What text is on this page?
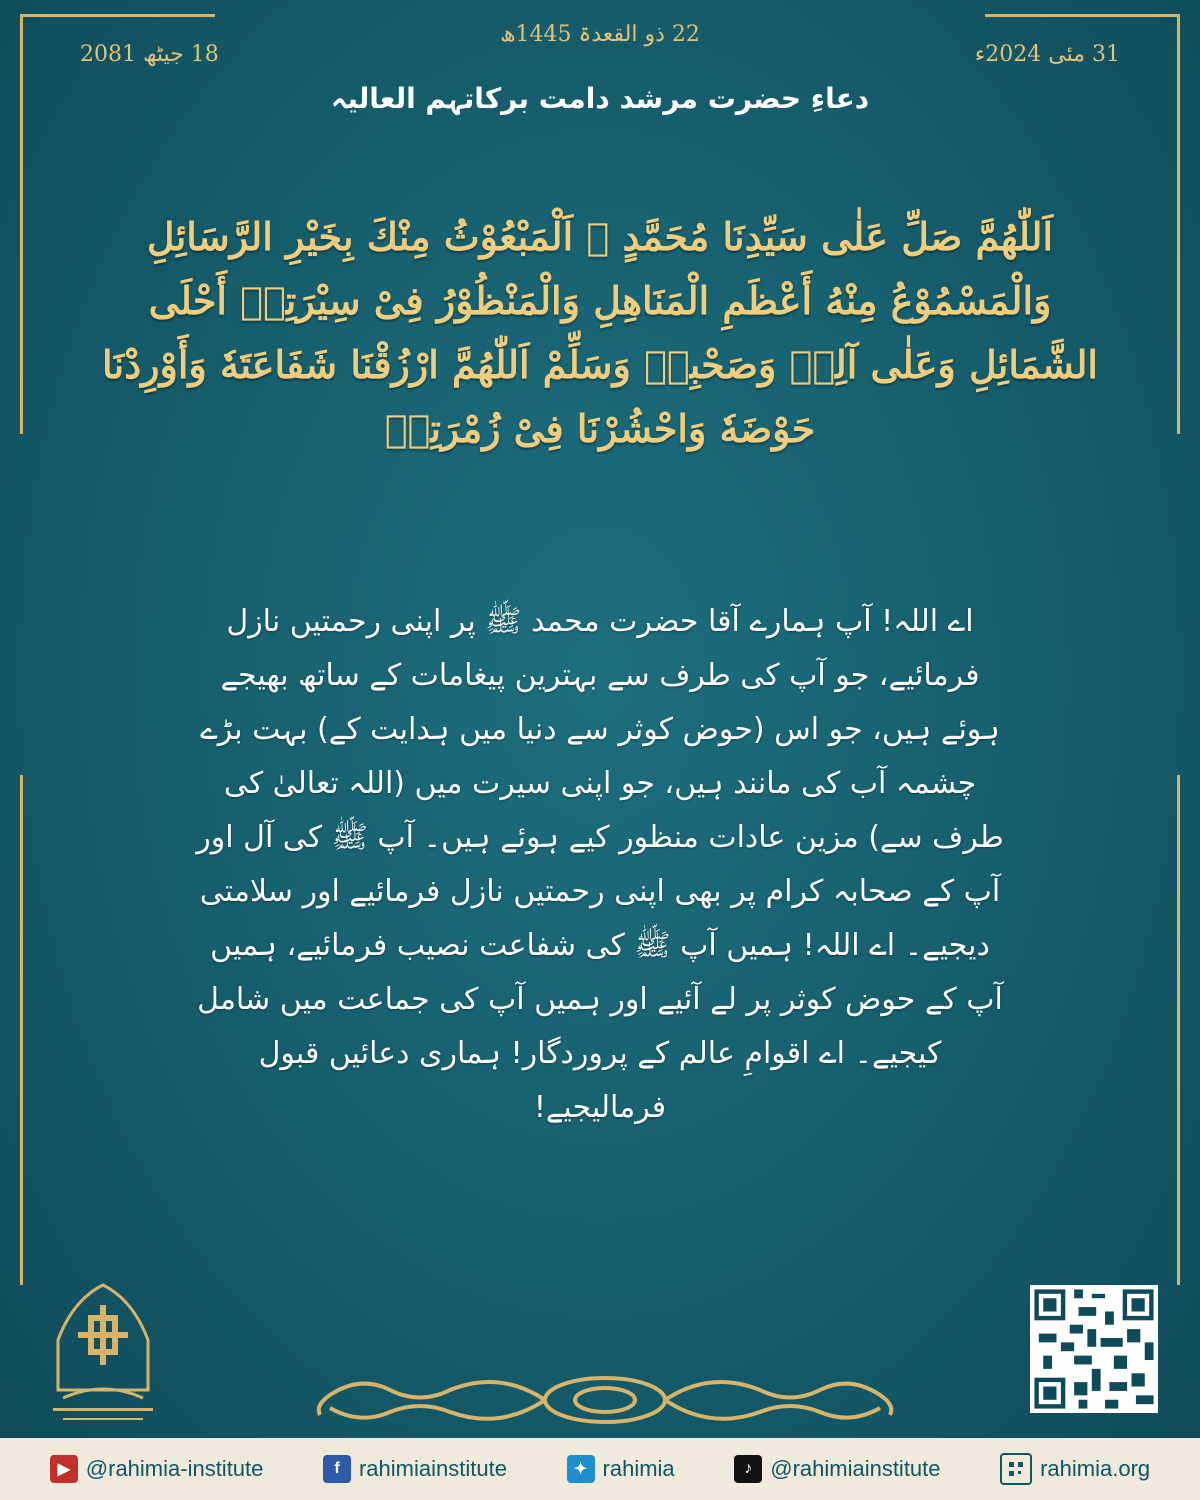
22 ذو القعدۃ 1445ھ
18 جیٹھ 2081	31 مئی 2024ء
دعاءِ حضرت مرشد دامت برکاتہم العالیہ
اَللّٰھُمَّ صَلِّ عَلٰی سَیِّدِنَا مُحَمَّدٍ ﷺ اَلْمَبْعُوْثُ مِنْكَ بِخَیْرِ الرَّسَائِلِ وَالْمَسْمُوْعُ مِنْهُ أَعْظَمِ الْمَنَاهِلِ وَالْمَنْظُوْرُ فِیْ سِیْرَتِهٖ أَحْلَى الشَّمَائِلِ وَعَلٰى آلِهٖ وَصَحْبِهٖ وَسَلِّمْ اَللّٰھُمَّ ارْزُقْنَا شَفَاعَتَهٗ وَأَوْرِدْنَا حَوْضَهٗ وَاحْشُرْنَا فِیْ زُمْرَتِهٖ
اے اللہ! آپ ہمارے آقا حضرت محمد ﷺ پر اپنی رحمتیں نازل فرمائیے، جو آپ کی طرف سے بہترین پیغامات کے ساتھ بھیجے ہوئے ہیں، جو اس (حوض کوثر سے دنیا میں ہدایت کے) بہت بڑے چشمہ آب کی مانند ہیں، جو اپنی سیرت میں (اللہ تعالیٰ کی طرف سے) مزین عادات منظور کیے ہوئے ہیں۔ آپ ﷺ کی آل اور آپ کے صحابہ کرام پر بھی اپنی رحمتیں نازل فرمائیے اور سلامتی دیجیے۔ اے اللہ! ہمیں آپ ﷺ کی شفاعت نصیب فرمائیے، ہمیں آپ کے حوض کوثر پر لے آئیے اور ہمیں آپ کی جماعت میں شامل کیجیے۔ اے اقوامِ عالم کے پروردگار! ہماری دعائیں قبول فرمالیجیے!
▶ @rahimia-institute	f rahimiainstitute	✦ rahimia	♪ @rahimiainstitute	rahimia.org
